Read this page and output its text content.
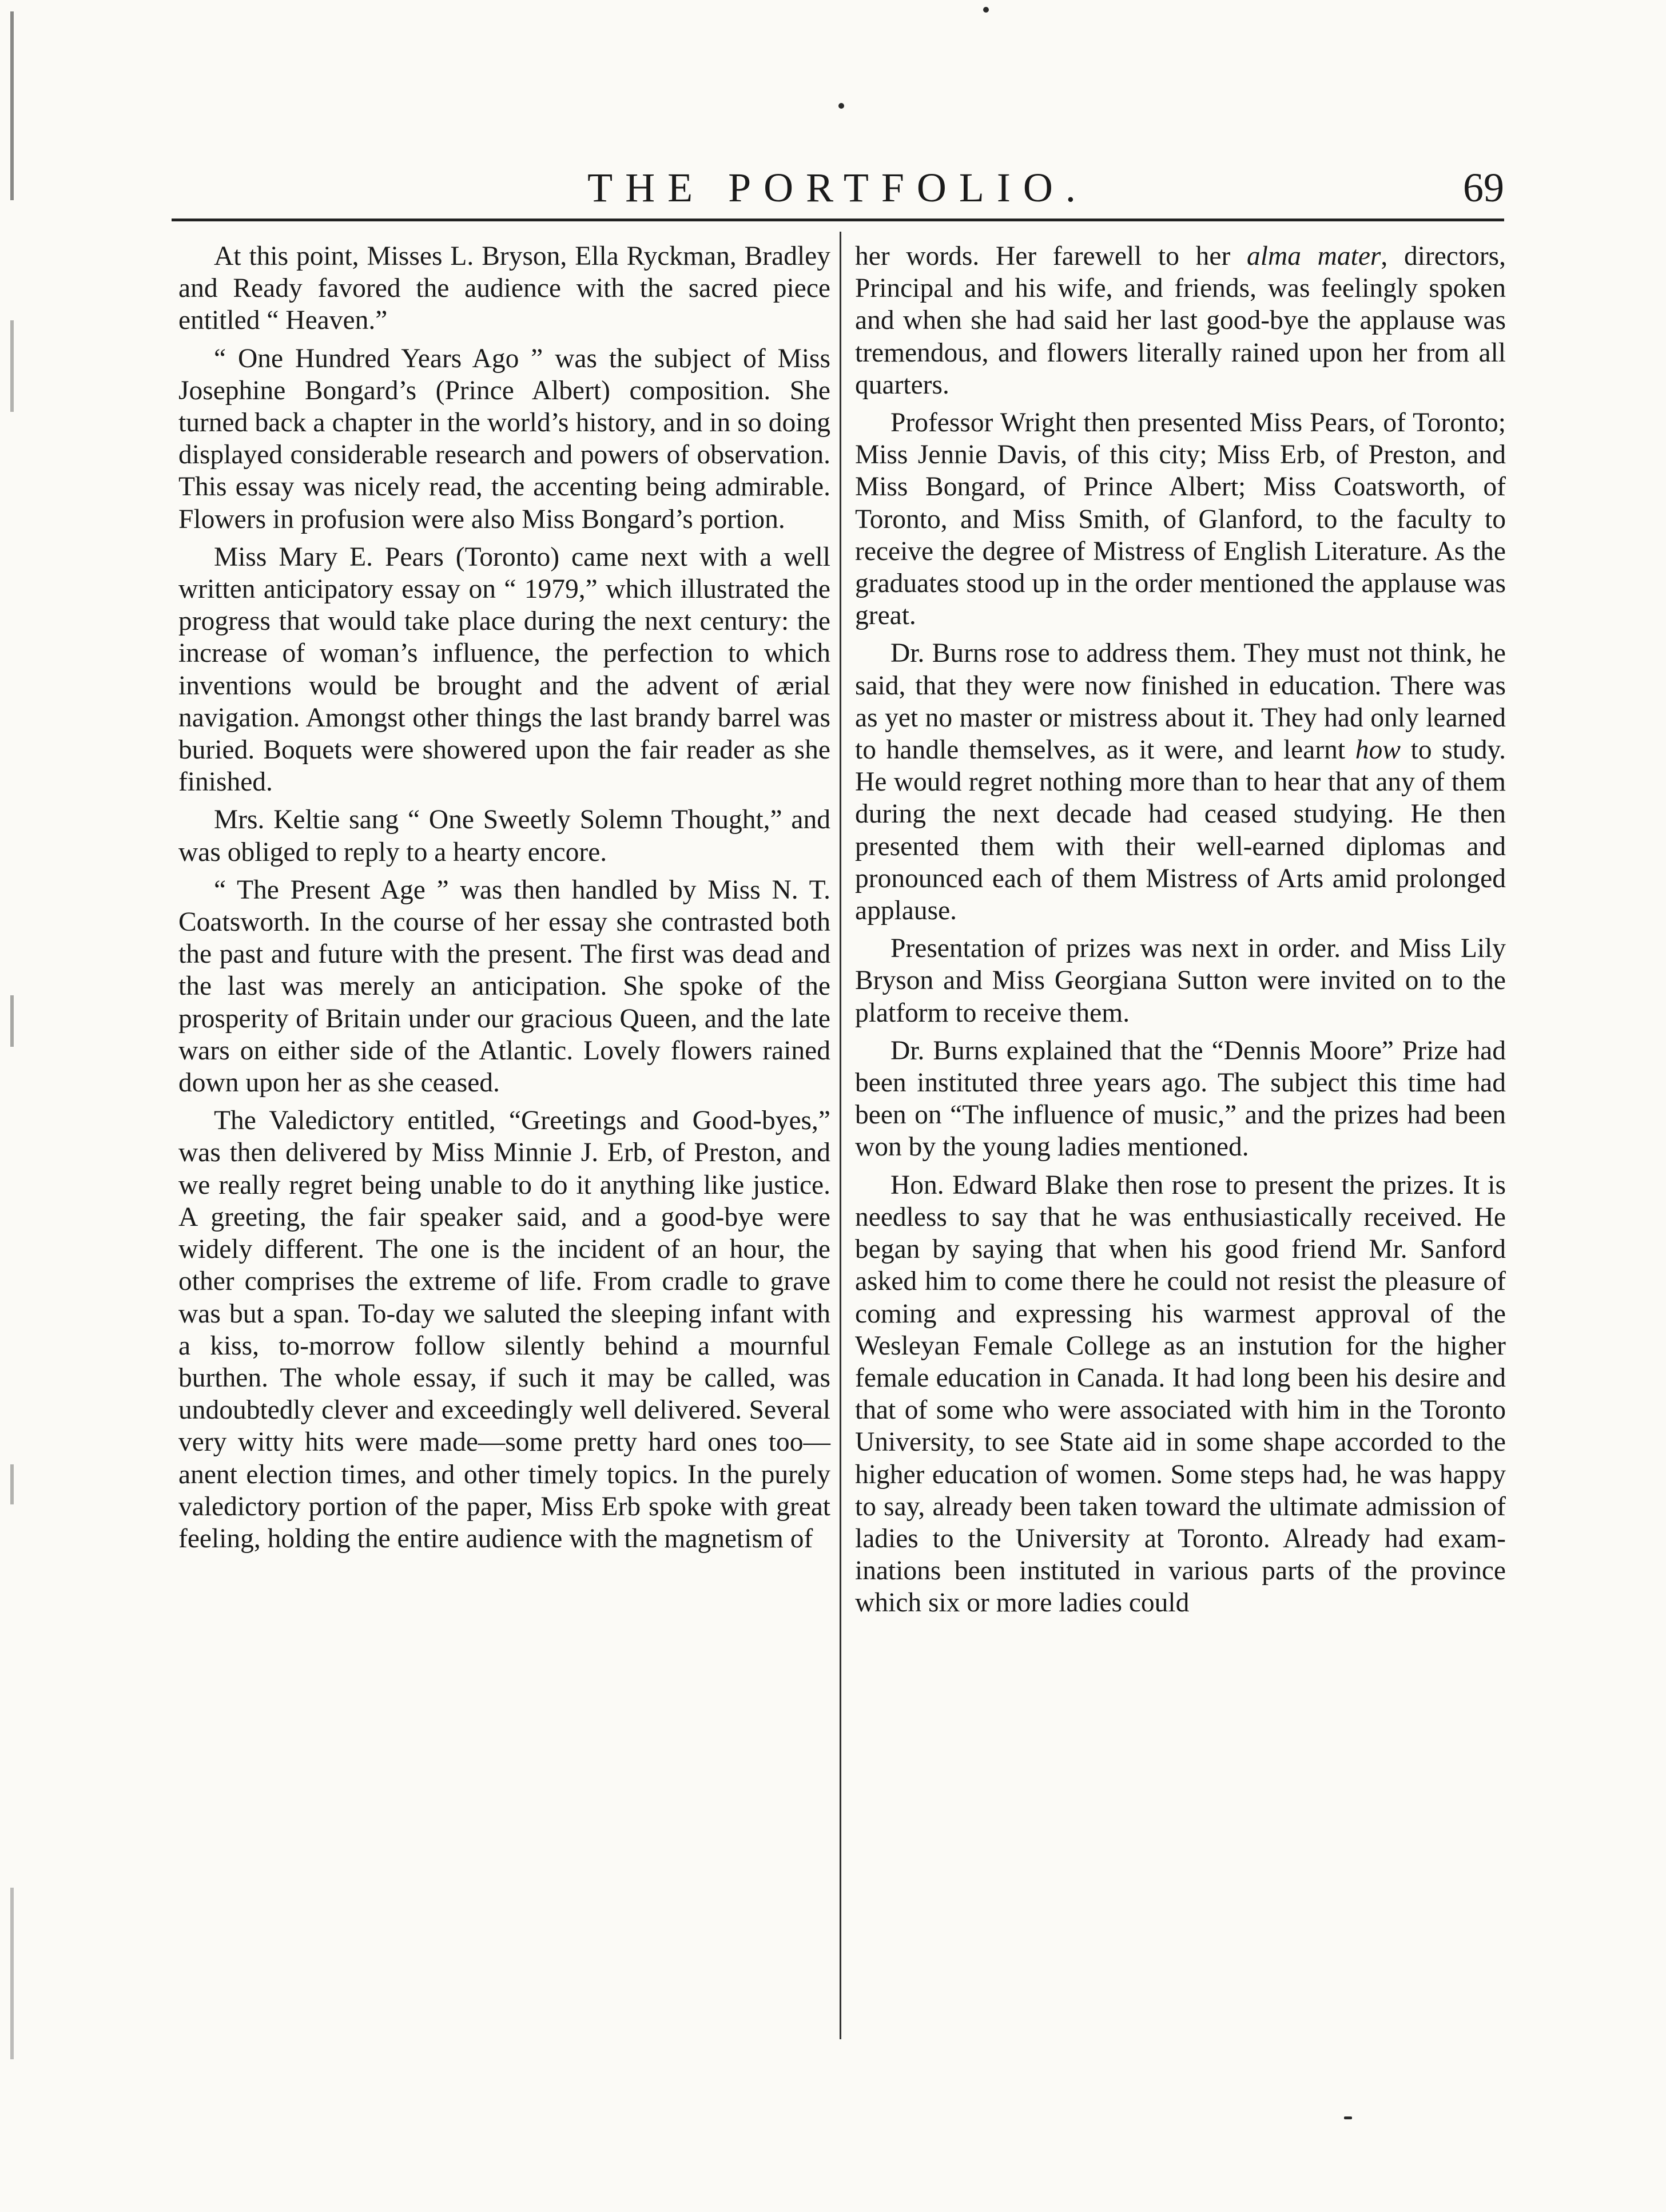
THE PORTFOLIO.	69

At this point, Misses L. Bryson, Ella Ryckman, Bradley and Ready favored the audience with the sacred piece entitled “ Heaven.”

“ One Hundred Years Ago ” was the subject of Miss Josephine Bongard’s (Prince Albert) composition. She turned back a chapter in the world’s history, and in so doing displayed considerable research and powers of observation. This essay was nicely read, the accenting being admirable. Flowers in profusion were also Miss Bongard’s portion.

Miss Mary E. Pears (Toronto) came next with a well written anticipatory essay on “ 1979,” which illustrated the progress that would take place during the next century: the increase of woman’s influence, the perfection to which inventions would be brought and the advent of ærial navigation. Amongst other things the last brandy barrel was buried. Boquets were showered upon the fair reader as she finished.

Mrs. Keltie sang “ One Sweetly Solemn Thought,” and was obliged to reply to a hearty encore.

“ The Present Age ” was then handled by Miss N. T. Coatsworth. In the course of her essay she contrasted both the past and future with the present. The first was dead and the last was merely an anticipation. She spoke of the prosperity of Britain under our gracious Queen, and the late wars on either side of the Atlantic. Lovely flowers rained down upon her as she ceased.

The Valedictory entitled, “Greetings and Good-byes,” was then delivered by Miss Minnie J. Erb, of Preston, and we really regret being unable to do it anything like justice. A greeting, the fair speaker said, and a good-bye were widely different. The one is the incident of an hour, the other comprises the extreme of life. From cradle to grave was but a span. To-day we saluted the sleeping infant with a kiss, to-morrow follow silently behind a mournful burthen. The whole essay, if such it may be called, was undoubtedly clever and exceedingly well delivered. Several very witty hits were made—some pretty hard ones too—anent election times, and other timely topics. In the purely valedictory portion of the paper, Miss Erb spoke with great feeling, holding the entire audience with the magnetism of

her words. Her farewell to her alma mater, directors, Principal and his wife, and friends, was feelingly spoken and when she had said her last good-bye the applause was tremendous, and flowers literally rained upon her from all quarters.

Professor Wright then presented Miss Pears, of Toronto; Miss Jennie Davis, of this city; Miss Erb, of Preston, and Miss Bongard, of Prince Albert; Miss Coatsworth, of Toronto, and Miss Smith, of Glanford, to the faculty to receive the degree of Mistress of English Literature. As the graduates stood up in the order mentioned the applause was great.

Dr. Burns rose to address them. They must not think, he said, that they were now finished in education. There was as yet no master or mistress about it. They had only learned to handle themselves, as it were, and learnt how to study. He would regret nothing more than to hear that any of them during the next decade had ceased studying. He then presented them with their well-earned diplomas and pronounced each of them Mistress of Arts amid prolonged applause.

Presentation of prizes was next in order. and Miss Lily Bryson and Miss Georgiana Sutton were invited on to the platform to receive them.

Dr. Burns explained that the “Dennis Moore” Prize had been instituted three years ago. The subject this time had been on “The influence of music,” and the prizes had been won by the young ladies mentioned.

Hon. Edward Blake then rose to present the prizes. It is needless to say that he was enthusiastically received. He began by saying that when his good friend Mr. Sanford asked him to come there he could not resist the pleasure of coming and expressing his warmest approval of the Wesleyan Female College as an instution for the higher female education in Canada. It had long been his desire and that of some who were associated with him in the Toronto University, to see State aid in some shape accorded to the higher education of women. Some steps had, he was happy to say, already been taken toward the ultimate admission of ladies to the University at Toronto. Already had examinations been instituted in various parts of the province which six or more ladies could
